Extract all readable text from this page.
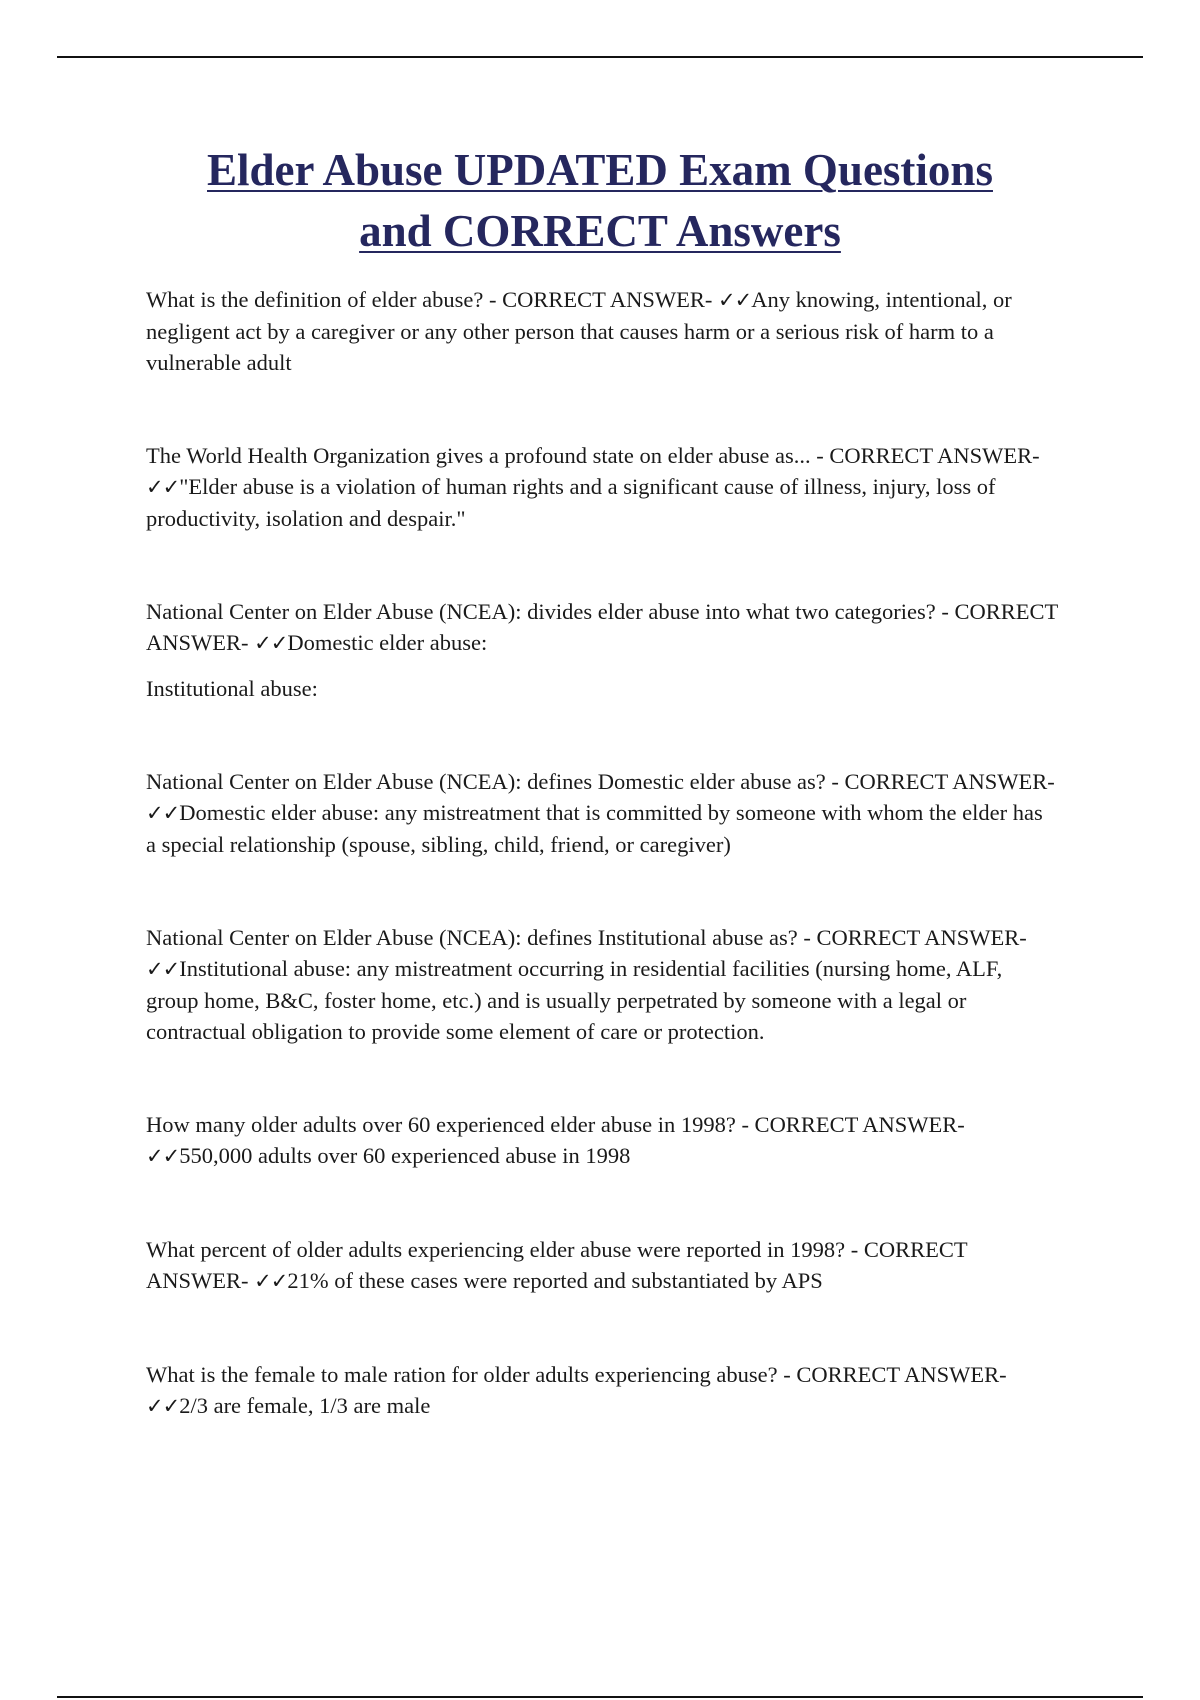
Elder Abuse UPDATED Exam Questions
and CORRECT Answers

What is the definition of elder abuse? - CORRECT ANSWER- ✓✓Any knowing, intentional, or negligent act by a caregiver or any other person that causes harm or a serious risk of harm to a vulnerable adult

The World Health Organization gives a profound state on elder abuse as... - CORRECT ANSWER- ✓✓"Elder abuse is a violation of human rights and a significant cause of illness, injury, loss of productivity, isolation and despair."

National Center on Elder Abuse (NCEA): divides elder abuse into what two categories? - CORRECT ANSWER- ✓✓Domestic elder abuse:

Institutional abuse:

National Center on Elder Abuse (NCEA): defines Domestic elder abuse as? - CORRECT ANSWER- ✓✓Domestic elder abuse: any mistreatment that is committed by someone with whom the elder has a special relationship (spouse, sibling, child, friend, or caregiver)

National Center on Elder Abuse (NCEA): defines Institutional abuse as? - CORRECT ANSWER- ✓✓Institutional abuse: any mistreatment occurring in residential facilities (nursing home, ALF, group home, B&C, foster home, etc.) and is usually perpetrated by someone with a legal or contractual obligation to provide some element of care or protection.

How many older adults over 60 experienced elder abuse in 1998? - CORRECT ANSWER- ✓✓550,000 adults over 60 experienced abuse in 1998

What percent of older adults experiencing elder abuse were reported in 1998? - CORRECT ANSWER- ✓✓21% of these cases were reported and substantiated by APS

What is the female to male ration for older adults experiencing abuse? - CORRECT ANSWER- ✓✓2/3 are female, 1/3 are male
